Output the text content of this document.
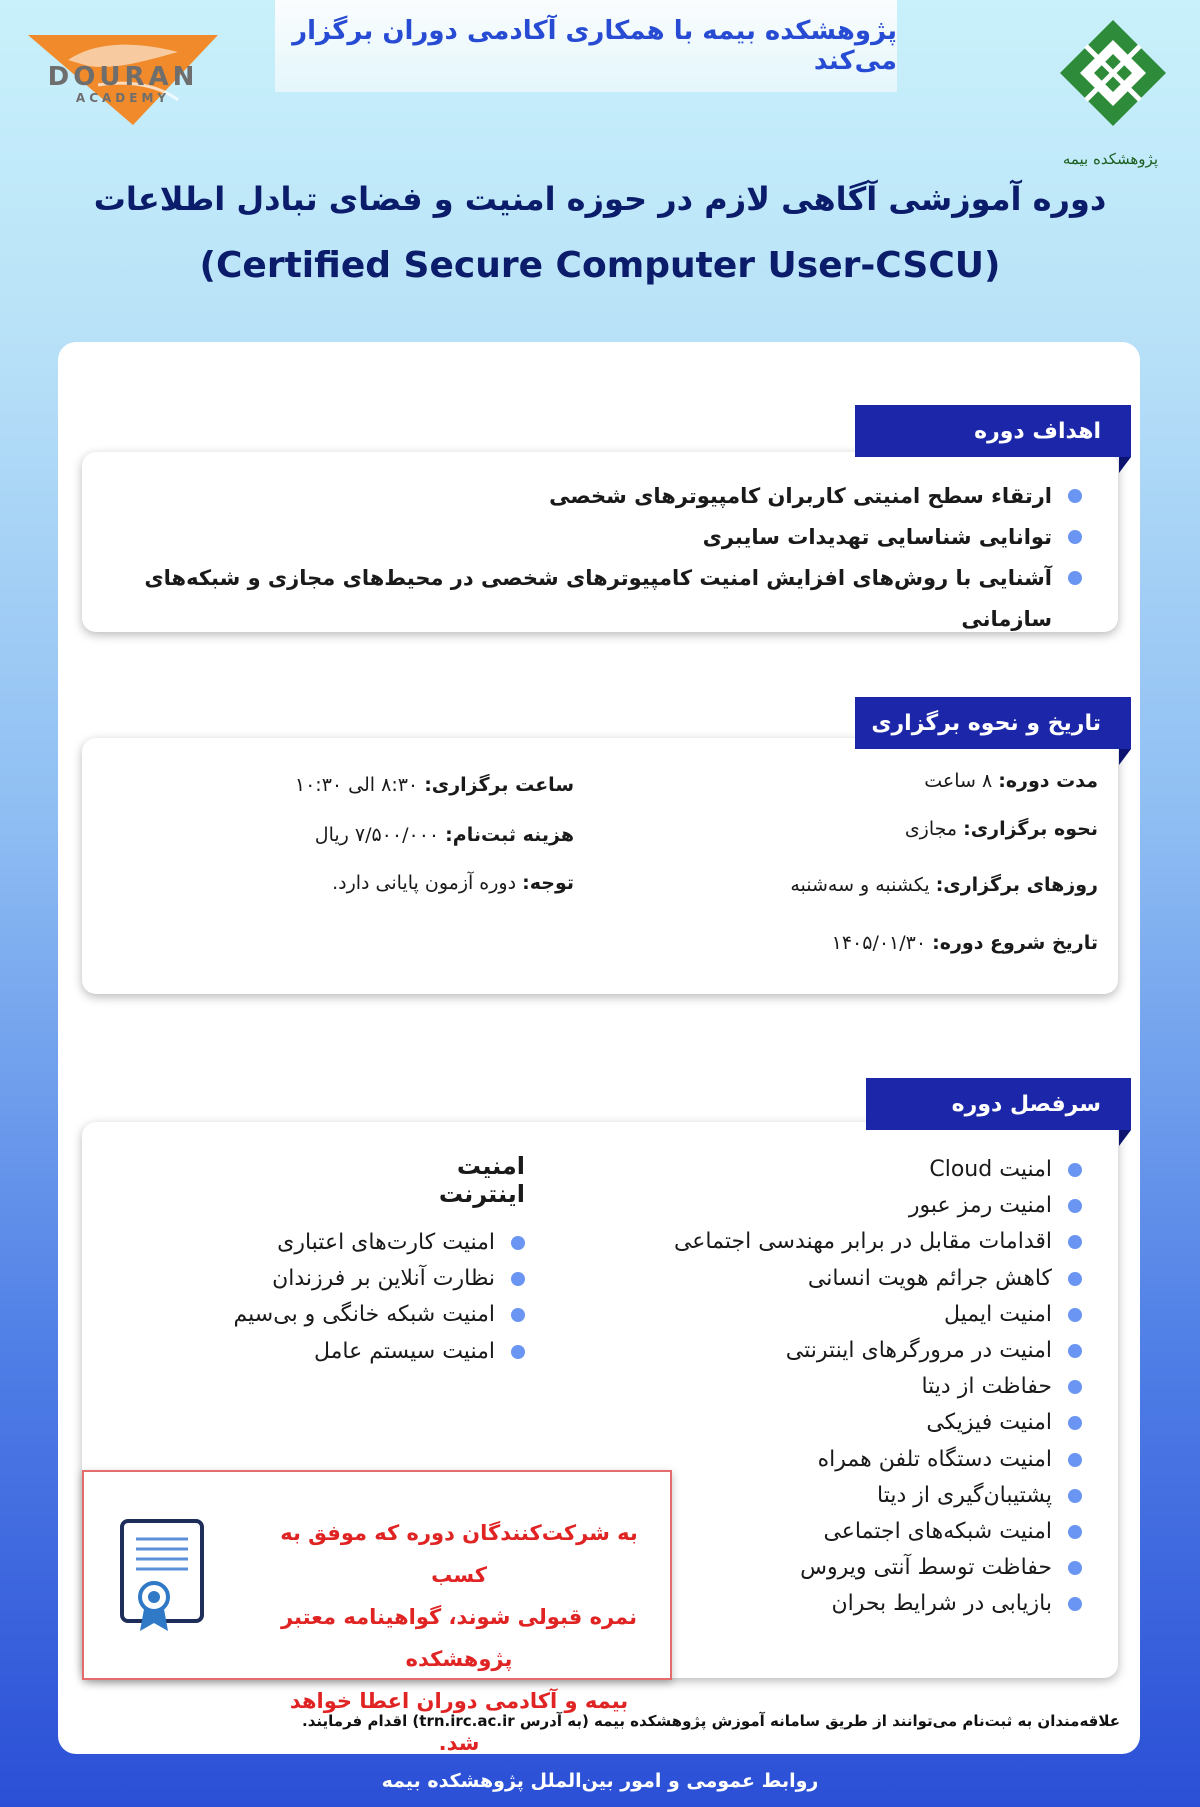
پژوهشکده بیمه با همکاری آکادمی دوران برگزار می‌کند
DOURAN
ACADEMY
پژوهشکده بیمه
دوره آموزشی آگاهی لازم در حوزه امنیت و فضای تبادل اطلاعات
(Certified Secure Computer User-CSCU)
ارتقاء سطح امنیتی کاربران کامپیوترهای شخصی
توانایی شناسایی تهدیدات سایبری
آشنایی با روش‌های افزایش امنیت کامپیوترهای شخصی در محیط‌های مجازی و شبکه‌های سازمانی
اهداف دوره
تاریخ و نحوه برگزاری
مدت دوره: ۸ ساعت
نحوه برگزاری: مجازی
روزهای برگزاری: یکشنبه و سه‌شنبه
تاریخ شروع دوره: ۱۴۰۵/۰۱/۳۰
ساعت برگزاری: ۸:۳۰ الی ۱۰:۳۰
هزینه ثبت‌نام: ۷/۵۰۰/۰۰۰ ریال
توجه: دوره آزمون پایانی دارد.
سرفصل دوره
امنیت Cloud
امنیت رمز عبور
اقدامات مقابل در برابر مهندسی اجتماعی
کاهش جرائم هویت انسانی
امنیت ایمیل
امنیت در مرورگرهای اینترنتی
حفاظت از دیتا
امنیت فیزیکی
امنیت دستگاه تلفن همراه
پشتیبان‌گیری از دیتا
امنیت شبکه‌های اجتماعی
حفاظت توسط آنتی ویروس
بازیابی در شرایط بحران
امنیت اینترنت
امنیت کارت‌های اعتباری
نظارت آنلاین بر فرزندان
امنیت شبکه خانگی و بی‌سیم
امنیت سیستم عامل
به شرکت‌کنندگان دوره که موفق به کسب
نمره قبولی شوند، گواهینامه معتبر پژوهشکده
بیمه و آکادمی دوران اعطا خواهد شد.
علاقه‌مندان به ثبت‌نام می‌توانند از طریق سامانه آموزش پژوهشکده بیمه (به آدرس trn.irc.ac.ir) اقدام فرمایند.
روابط عمومی و امور بین‌الملل پژوهشکده بیمه
